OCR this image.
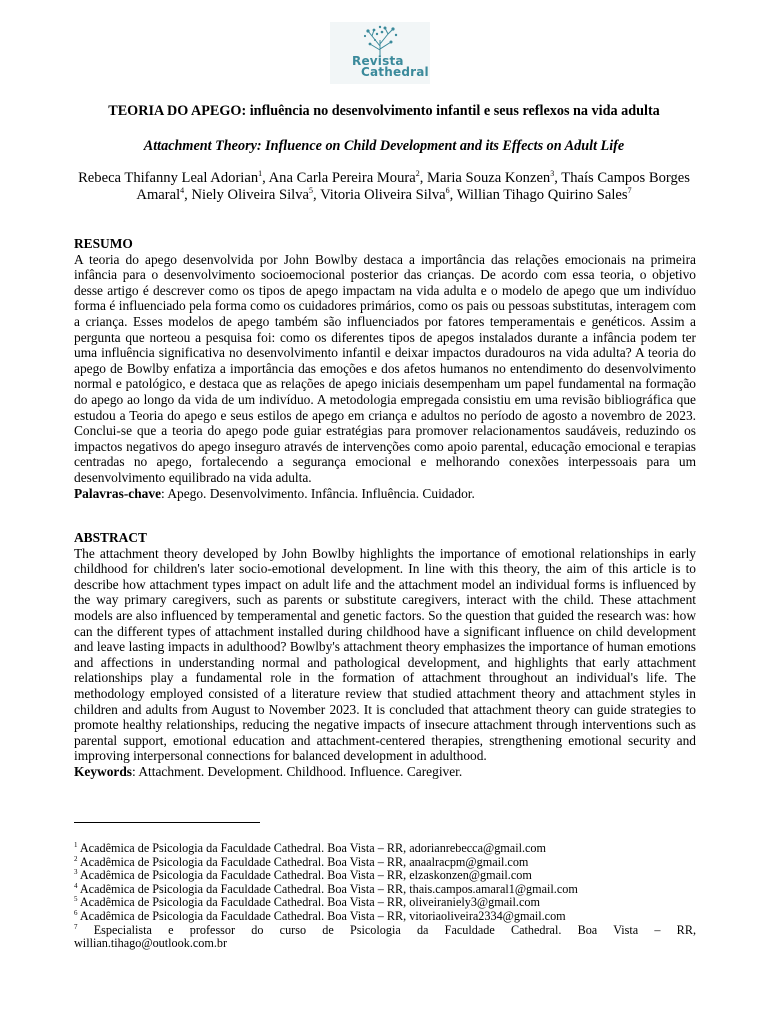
Revista
Cathedral
TEORIA DO APEGO: influência no desenvolvimento infantil e seus reflexos na vida adulta
Attachment Theory: Influence on Child Development and its Effects on Adult Life
Rebeca Thifanny Leal Adorian$^1$, Ana Carla Pereira Moura$^2$, Maria Souza Konzen$^3$, Thaís Campos Borges Amaral$^4$, Niely Oliveira Silva$^5$, Vitoria Oliveira Silva$^6$, Willian Tihago Quirino Sales$^7$
RESUMO
A teoria do apego desenvolvida por John Bowlby destaca a importância das relações emocionais na primeira infância para o desenvolvimento socioemocional posterior das crianças. De acordo com essa teoria, o objetivo desse artigo é descrever como os tipos de apego impactam na vida adulta e o modelo de apego que um indivíduo forma é influenciado pela forma como os cuidadores primários, como os pais ou pessoas substitutas, interagem com a criança. Esses modelos de apego também são influenciados por fatores temperamentais e genéticos. Assim a pergunta que norteou a pesquisa foi: como os diferentes tipos de apegos instalados durante a infância podem ter uma influência significativa no desenvolvimento infantil e deixar impactos duradouros na vida adulta? A teoria do apego de Bowlby enfatiza a importância das emoções e dos afetos humanos no entendimento do desenvolvimento normal e patológico, e destaca que as relações de apego iniciais desempenham um papel fundamental na formação do apego ao longo da vida de um indivíduo. A metodologia empregada consistiu em uma revisão bibliográfica que estudou a Teoria do apego e seus estilos de apego em criança e adultos no período de agosto a novembro de 2023. Conclui-se que a teoria do apego pode guiar estratégias para promover relacionamentos saudáveis, reduzindo os impactos negativos do apego inseguro através de intervenções como apoio parental, educação emocional e terapias centradas no apego, fortalecendo a segurança emocional e melhorando conexões interpessoais para um desenvolvimento equilibrado na vida adulta.
Palavras-chave: Apego. Desenvolvimento. Infância. Influência. Cuidador.
ABSTRACT
The attachment theory developed by John Bowlby highlights the importance of emotional relationships in early childhood for children's later socio-emotional development. In line with this theory, the aim of this article is to describe how attachment types impact on adult life and the attachment model an individual forms is influenced by the way primary caregivers, such as parents or substitute caregivers, interact with the child. These attachment models are also influenced by temperamental and genetic factors. So the question that guided the research was: how can the different types of attachment installed during childhood have a significant influence on child development and leave lasting impacts in adulthood? Bowlby's attachment theory emphasizes the importance of human emotions and affections in understanding normal and pathological development, and highlights that early attachment relationships play a fundamental role in the formation of attachment throughout an individual's life. The methodology employed consisted of a literature review that studied attachment theory and attachment styles in children and adults from August to November 2023. It is concluded that attachment theory can guide strategies to promote healthy relationships, reducing the negative impacts of insecure attachment through interventions such as parental support, emotional education and attachment-centered therapies, strengthening emotional security and improving interpersonal connections for balanced development in adulthood.
Keywords: Attachment. Development. Childhood. Influence. Caregiver.
$^1$ Acadêmica de Psicologia da Faculdade Cathedral. Boa Vista – RR, adorianrebecca@gmail.com
$^2$ Acadêmica de Psicologia da Faculdade Cathedral. Boa Vista – RR, anaalracpm@gmail.com
$^3$ Acadêmica de Psicologia da Faculdade Cathedral. Boa Vista – RR, elzaskonzen@gmail.com
$^4$ Acadêmica de Psicologia da Faculdade Cathedral. Boa Vista – RR, thais.campos.amaral1@gmail.com
$^5$ Acadêmica de Psicologia da Faculdade Cathedral. Boa Vista – RR, oliveiraniely3@gmail.com
$^6$ Acadêmica de Psicologia da Faculdade Cathedral. Boa Vista – RR, vitoriaoliveira2334@gmail.com
$^7$ Especialista e professor do curso de Psicologia da Faculdade Cathedral. Boa Vista – RR,
willian.tihago@outlook.com.br
